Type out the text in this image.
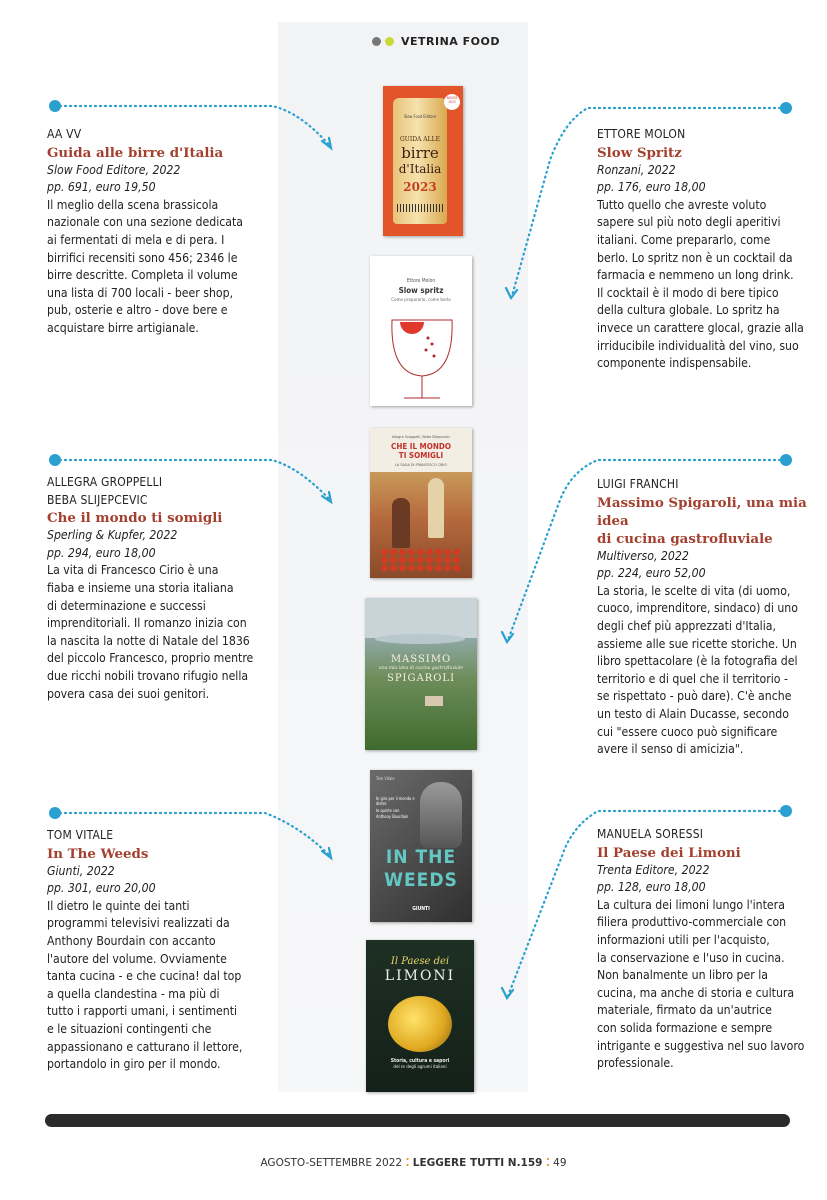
VETRINA FOOD
AA VV
Guida alle birre d'Italia
Slow Food Editore, 2022
pp. 691, euro 19,50
Il meglio della scena brassicola
nazionale con una sezione dedicata
ai fermentati di mela e di pera. I
birrifici recensiti sono 456; 2346 le
birre descritte. Completa il volume
una lista di 700 locali - beer shop,
pub, osterie e altro - dove bere e
acquistare birre artigianale.
ETTORE MOLON
Slow Spritz
Ronzani, 2022
pp. 176, euro 18,00
Tutto quello che avreste voluto
sapere sul più noto degli aperitivi
italiani. Come prepararlo, come
berlo. Lo spritz non è un cocktail da
farmacia e nemmeno un long drink.
Il cocktail è il modo di bere tipico
della cultura globale. Lo spritz ha
invece un carattere glocal, grazie alla
irriducibile individualità del vino, suo
componente indispensabile.
ALLEGRA GROPPELLI
BEBA SLIJEPCEVIC
Che il mondo ti somigli
Sperling & Kupfer, 2022
pp. 294, euro 18,00
La vita di Francesco Cirio è una
fiaba e insieme una storia italiana
di determinazione e successi
imprenditoriali. Il romanzo inizia con
la nascita la notte di Natale del 1836
del piccolo Francesco, proprio mentre
due ricchi nobili trovano rifugio nella
povera casa dei suoi genitori.
LUIGI FRANCHI
Massimo Spigaroli, una mia idea
di cucina gastrofluviale
Multiverso, 2022
pp. 224, euro 52,00
La storia, le scelte di vita (di uomo,
cuoco, imprenditore, sindaco) di uno
degli chef più apprezzati d'Italia,
assieme alle sue ricette storiche. Un
libro spettacolare (è la fotografia del
territorio e di quel che il territorio -
se rispettato - può dare). C'è anche
un testo di Alain Ducasse, secondo
cui "essere cuoco può significare
avere il senso di amicizia".
TOM VITALE
In The Weeds
Giunti, 2022
pp. 301, euro 20,00
Il dietro le quinte dei tanti
programmi televisivi realizzati da
Anthony Bourdain con accanto
l'autore del volume. Ovviamente
tanta cucina - e che cucina! dal top
a quella clandestina - ma più di
tutto i rapporti umani, i sentimenti
e le situazioni contingenti che
appassionano e catturano il lettore,
portandolo in giro per il mondo.
MANUELA SORESSI
Il Paese dei Limoni
Trenta Editore, 2022
pp. 128, euro 18,00
La cultura dei limoni lungo l'intera
filiera produttivo-commerciale con
informazioni utili per l'acquisto,
la conservazione e l'uso in cucina.
Non banalmente un libro per la
cucina, ma anche di storia e cultura
materiale, firmato da un'autrice
con solida formazione e sempre
intrigante e suggestiva nel suo lavoro
professionale.
Slow Food Editore
NOVITÀ 2023
GUIDA ALLE
birre
d'Italia
2023
Ettore Molon
Slow spritz
Come prepararlo, come berlo
Allegra Groppelli, Beba Slijepcevic
CHE IL MONDO
TI SOMIGLI
LA SAGA DI FRANCESCO CIRIO
MASSIMO
una mia idea di cucina gastrofluviale
SPIGAROLI
Tom Vitale
In giro per il mondo e dietro
le quinte con
Anthony Bourdain
IN THE
WEEDS
GIUNTI
Il Paese dei
LIMONI
Storia, cultura e sapori
del re degli agrumi italiani
AGOSTO-SETTEMBRE 2022 ⁚ LEGGERE TUTTI N.159 ⁚ 49
